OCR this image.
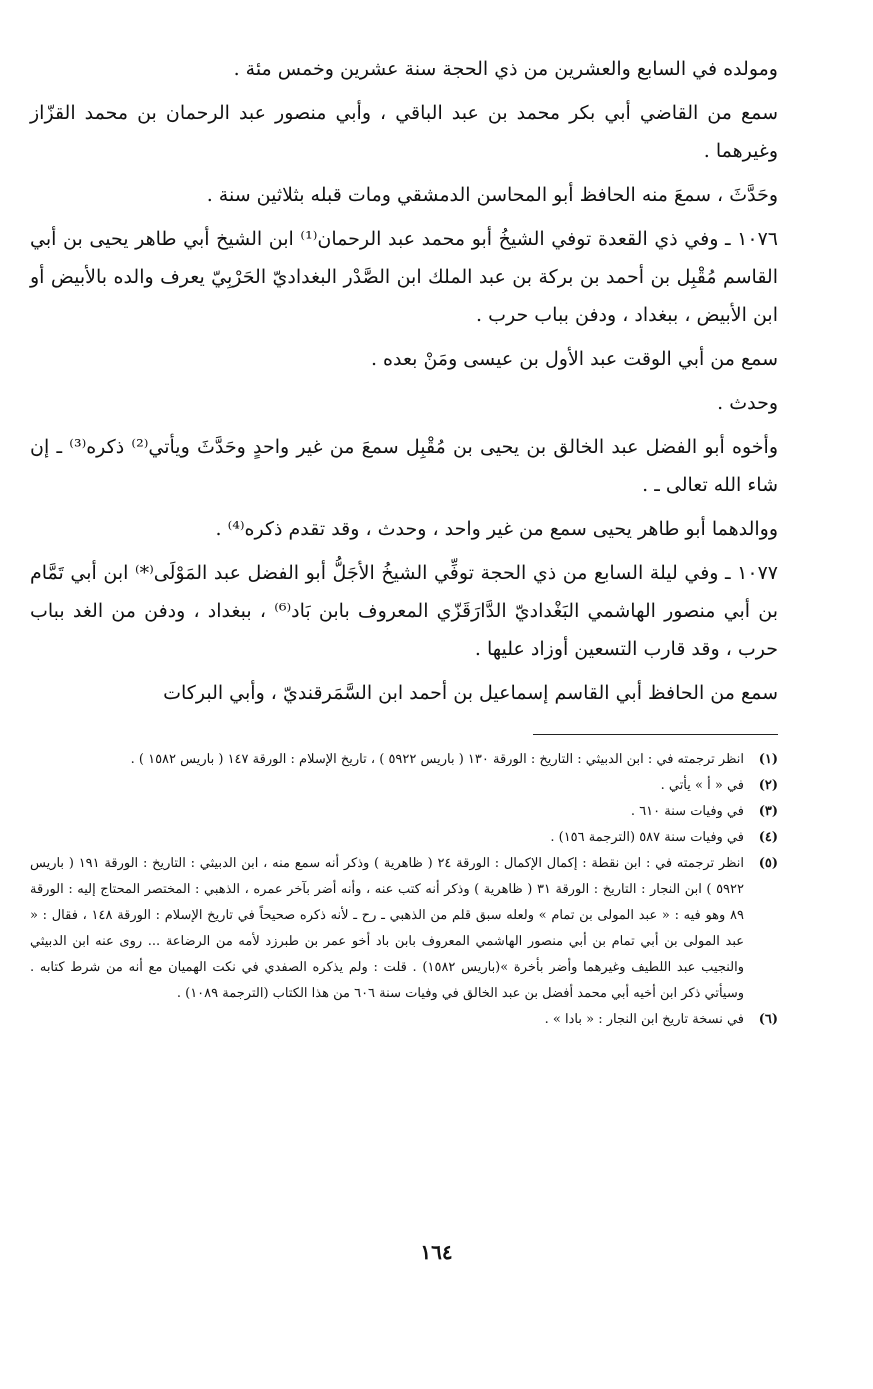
ومولده في السابع والعشرين من ذي الحجة سنة عشرين وخمس مئة .

سمع من القاضي أبي بكر محمد بن عبد الباقي ، وأبي منصور عبد الرحمان بن محمد القزّاز وغيرهما .

وحَدَّثَ ، سمعَ منه الحافظ أبو المحاسن الدمشقي ومات قبله بثلاثين سنة .

١٠٧٦ ـ وفي ذي القعدة توفي الشيخُ أبو محمد عبد الرحمان⁽¹⁾ ابن الشيخ أبي طاهر يحيى بن أبي القاسم مُقْبِل بن أحمد بن بركة بن عبد الملك ابن الصَّدْر البغداديّ الحَرْبِيّ يعرف والده بالأبيض أو ابن الأبيض ، ببغداد ، ودفن بباب حرب .

سمع من أبي الوقت عبد الأول بن عيسى ومَنْ بعده .

وحدث .

وأخوه أبو الفضل عبد الخالق بن يحيى بن مُقْبِل سمعَ من غير واحدٍ وحَدَّثَ ويأتي⁽²⁾ ذكره⁽³⁾ ـ إن شاء الله تعالى ـ .

ووالدهما أبو طاهر يحيى سمع من غير واحد ، وحدث ، وقد تقدم ذكره⁽⁴⁾ .

١٠٧٧ ـ وفي ليلة السابع من ذي الحجة توفِّي الشيخُ الأجَلُّ أبو الفضل عبد المَوْلَى⁽*⁾ ابن أبي تَمَّام بن أبي منصور الهاشمي البَغْداديّ الدَّارَقَزّي المعروف بابن بَاد⁽⁶⁾ ، ببغداد ، ودفن من الغد بباب حرب ، وقد قارب التسعين أوزاد عليها .

سمع من الحافظ أبي القاسم إسماعيل بن أحمد ابن السَّمَرقنديّ ، وأبي البركات

(١)
انظر ترجمته في : ابن الدبيثي : التاريخ : الورقة ١٣٠ ( باريس ٥٩٢٢ ) ، تاريخ الإسلام : الورقة ١٤٧ ( باريس ١٥٨٢ ) .
(٢)
في « أ » يأتي .
(٣)
في وفيات سنة ٦١٠ .
(٤)
في وفيات سنة ٥٨٧ (الترجمة ١٥٦) .
(٥)
انظر ترجمته في : ابن نقطة : إكمال الإكمال : الورقة ٢٤ ( ظاهرية ) وذكر أنه سمع منه ، ابن الدبيثي : التاريخ : الورقة ١٩١ ( باريس ٥٩٢٢ ) ابن النجار : التاريخ : الورقة ٣١ ( ظاهرية ) وذكر أنه كتب عنه ، وأنه أضر بآخر عمره ، الذهبي : المختصر المحتاج إليه : الورقة ٨٩ وهو فيه : « عبد المولى بن تمام » ولعله سبق قلم من الذهبي ـ رح ـ لأنه ذكره صحيحاً في تاريخ الإسلام : الورقة ١٤٨ ، فقال : « عبد المولى بن أبي تمام بن أبي منصور الهاشمي المعروف بابن باد أخو عمر بن طبرزد لأمه من الرضاعة ... روى عنه ابن الدبيثي والنجيب عبد اللطيف وغيرهما وأضر بأخرة »(باريس ١٥٨٢) . قلت : ولم يذكره الصفدي في نكت الهميان مع أنه من شرط كتابه . وسيأتي ذكر ابن أخيه أبي محمد أفضل بن عبد الخالق في وفيات سنة ٦٠٦ من هذا الكتاب (الترجمة ١٠٨٩) .
(٦)
في نسخة تاريخ ابن النجار : « بادا » .
١٦٤
